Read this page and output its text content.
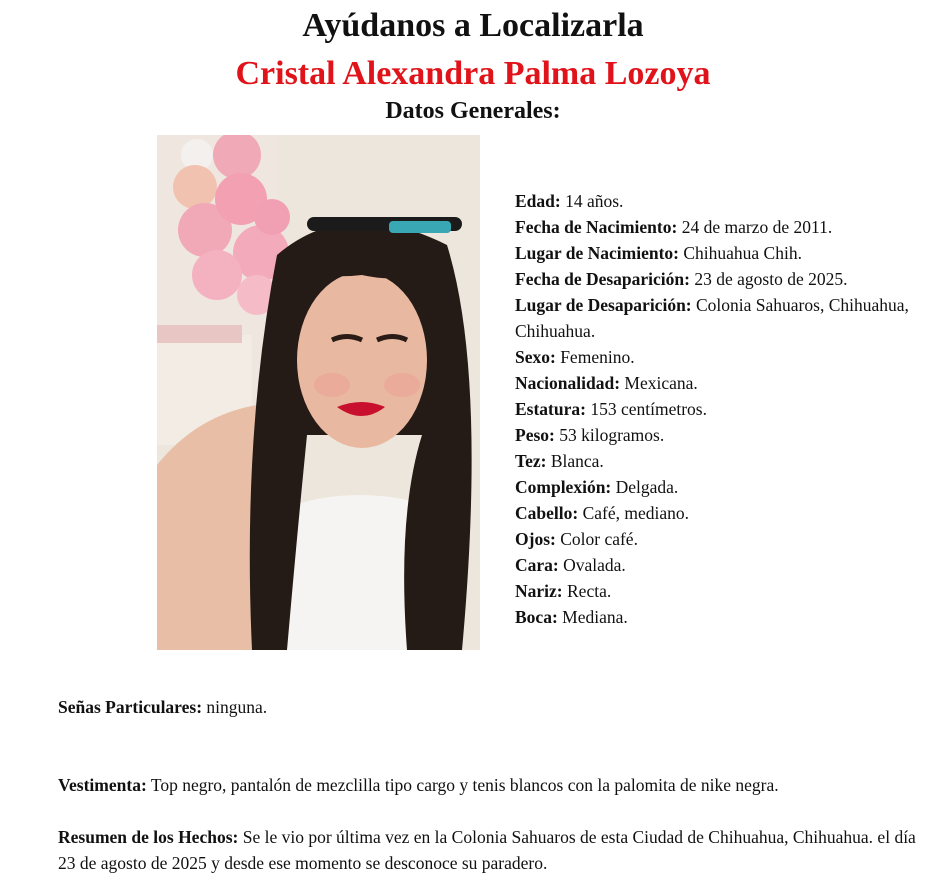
Ayúdanos a Localizarla
Cristal Alexandra Palma Lozoya
Datos Generales:
Edad: 14 años.
Fecha de Nacimiento: 24 de marzo de 2011.
Lugar de Nacimiento: Chihuahua Chih.
Fecha de Desaparición: 23 de agosto de 2025.
Lugar de Desaparición: Colonia Sahuaros, Chihuahua, Chihuahua.
Sexo: Femenino.
Nacionalidad: Mexicana.
Estatura: 153 centímetros.
Peso: 53 kilogramos.
Tez: Blanca.
Complexión: Delgada.
Cabello: Café, mediano.
Ojos: Color café.
Cara: Ovalada.
Nariz: Recta.
Boca: Mediana.
Señas Particulares: ninguna.
Vestimenta: Top negro, pantalón de mezclilla tipo cargo y tenis blancos con la palomita de nike negra.
Resumen de los Hechos: Se le vio por última vez en la Colonia Sahuaros de esta Ciudad de Chihuahua, Chihuahua. el día 23 de agosto de 2025 y desde ese momento se desconoce su paradero.
